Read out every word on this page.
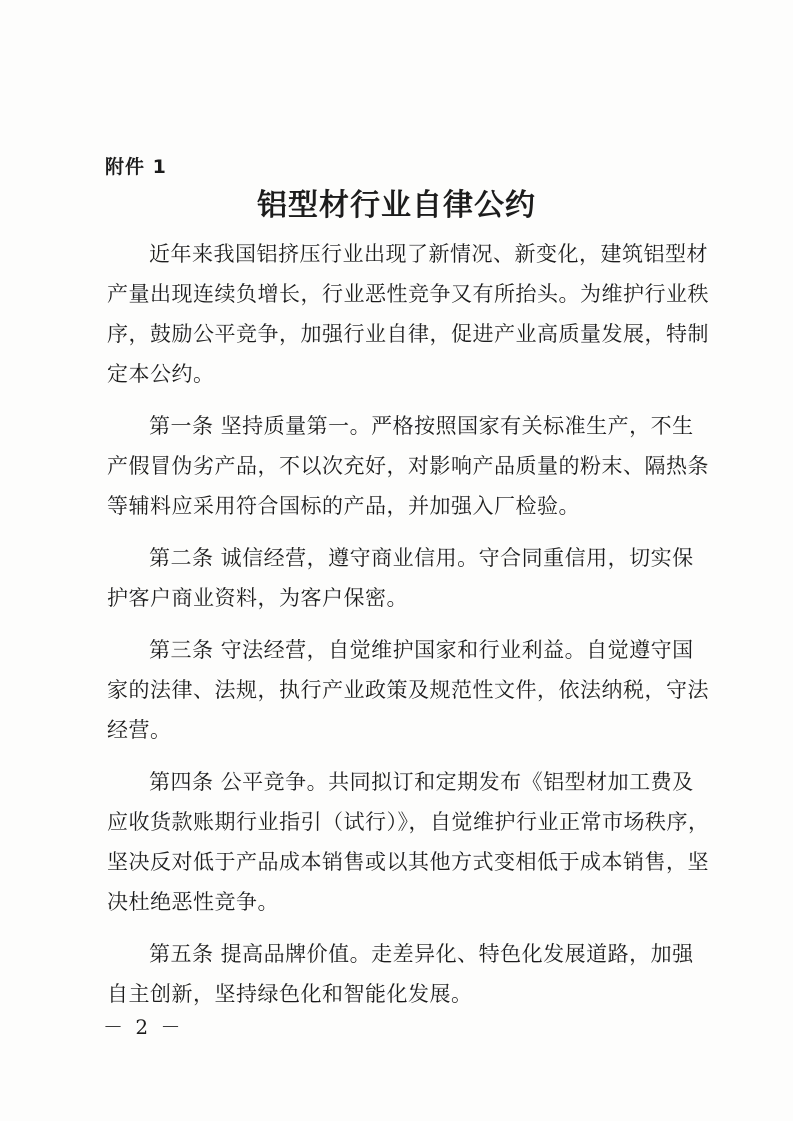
附件 1
铝型材行业自律公约
近年来我国铝挤压行业出现了新情况、新变化，建筑铝型材
产量出现连续负增长，行业恶性竞争又有所抬头。为维护行业秩
序，鼓励公平竞争，加强行业自律，促进产业高质量发展，特制
定本公约。
第一条 坚持质量第一。严格按照国家有关标准生产，不生
产假冒伪劣产品，不以次充好，对影响产品质量的粉末、隔热条
等辅料应采用符合国标的产品，并加强入厂检验。
第二条 诚信经营，遵守商业信用。守合同重信用，切实保
护客户商业资料，为客户保密。
第三条 守法经营，自觉维护国家和行业利益。自觉遵守国
家的法律、法规，执行产业政策及规范性文件，依法纳税，守法
经营。
第四条 公平竞争。共同拟订和定期发布《铝型材加工费及
应收货款账期行业指引（试行）》，自觉维护行业正常市场秩序，
坚决反对低于产品成本销售或以其他方式变相低于成本销售，坚
决杜绝恶性竞争。
第五条 提高品牌价值。走差异化、特色化发展道路，加强
自主创新，坚持绿色化和智能化发展。
－ 2 －
